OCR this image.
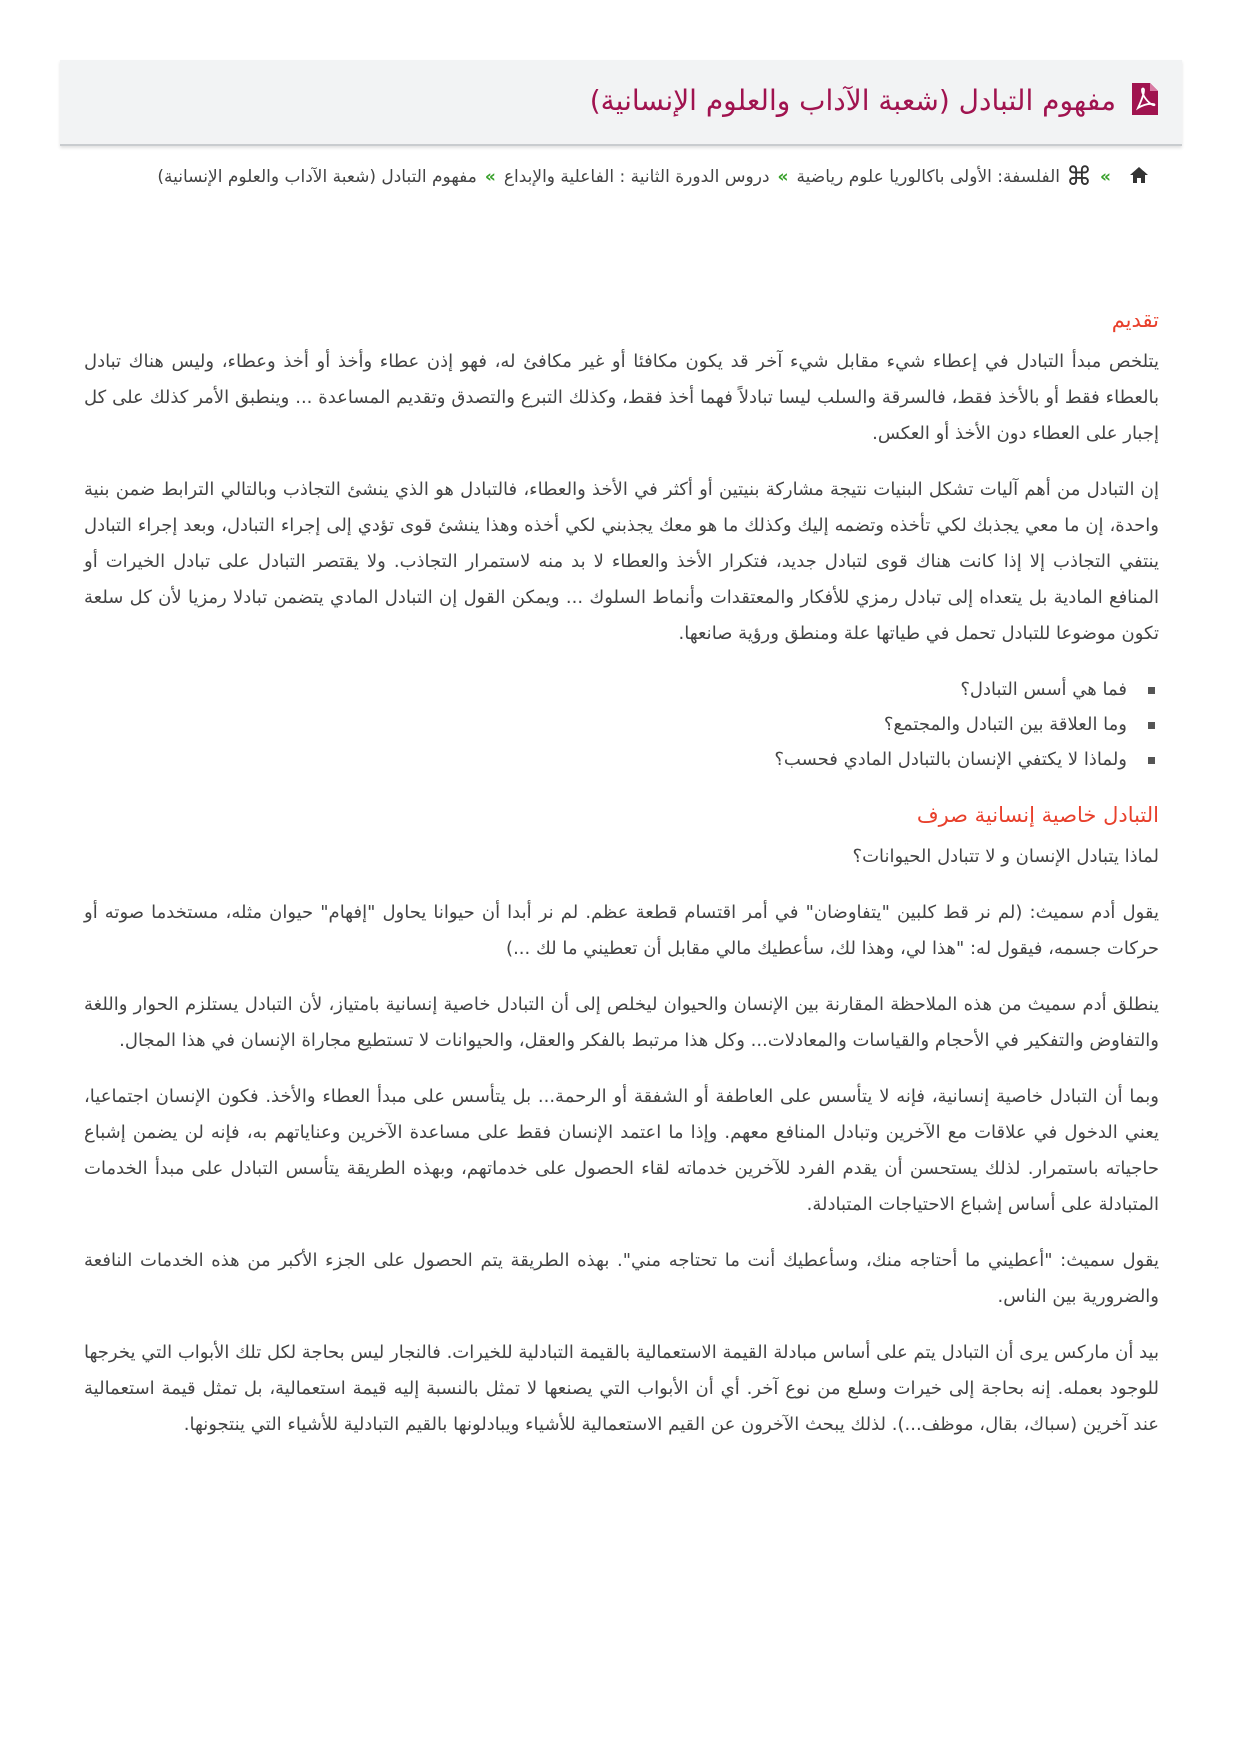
مفهوم التبادل (شعبة الآداب والعلوم الإنسانية)
»⌘الفلسفة: الأولى باكالوريا علوم رياضية»دروس الدورة الثانية : الفاعلية والإبداع»مفهوم التبادل (شعبة الآداب والعلوم الإنسانية)
تقديم

يتلخص مبدأ التبادل في إعطاء شيء مقابل شيء آخر قد يكون مكافئا أو غير مكافئ له، فهو إذن عطاء وأخذ أو أخذ وعطاء، وليس هناك تبادل بالعطاء فقط أو بالأخذ فقط، فالسرقة والسلب ليسا تبادلاً فهما أخذ فقط، وكذلك التبرع والتصدق وتقديم المساعدة ... وينطبق الأمر كذلك على كل إجبار على العطاء دون الأخذ أو العكس.

إن التبادل من أهم آليات تشكل البنيات نتيجة مشاركة بنيتين أو أكثر في الأخذ والعطاء، فالتبادل هو الذي ينشئ التجاذب وبالتالي الترابط ضمن بنية واحدة، إن ما معي يجذبك لكي تأخذه وتضمه إليك وكذلك ما هو معك يجذبني لكي أخذه وهذا ينشئ قوى تؤدي إلى إجراء التبادل، وبعد إجراء التبادل ينتفي التجاذب إلا إذا كانت هناك قوى لتبادل جديد، فتكرار الأخذ والعطاء لا بد منه لاستمرار التجاذب. ولا يقتصر التبادل على تبادل الخيرات أو المنافع المادية بل يتعداه إلى تبادل رمزي للأفكار والمعتقدات وأنماط السلوك ... ويمكن القول إن التبادل المادي يتضمن تبادلا رمزيا لأن كل سلعة تكون موضوعا للتبادل تحمل في طياتها علة ومنطق ورؤية صانعها.

فما هي أسس التبادل؟
وما العلاقة بين التبادل والمجتمع؟
ولماذا لا يكتفي الإنسان بالتبادل المادي فحسب؟
التبادل خاصية إنسانية صرف

لماذا يتبادل الإنسان و لا تتبادل الحيوانات؟

يقول أدم سميث: (لم نر قط كلبين "يتفاوضان" في أمر اقتسام قطعة عظم. لم نر أبدا أن حيوانا يحاول "إفهام" حيوان مثله، مستخدما صوته أو حركات جسمه، فيقول له: "هذا لي، وهذا لك، سأعطيك مالي مقابل أن تعطيني ما لك ...)

ينطلق أدم سميث من هذه الملاحظة المقارنة بين الإنسان والحيوان ليخلص إلى أن التبادل خاصية إنسانية بامتياز، لأن التبادل يستلزم الحوار واللغة والتفاوض والتفكير في الأحجام والقياسات والمعادلات... وكل هذا مرتبط بالفكر والعقل، والحيوانات لا تستطيع مجاراة الإنسان في هذا المجال.

وبما أن التبادل خاصية إنسانية، فإنه لا يتأسس على العاطفة أو الشفقة أو الرحمة... بل يتأسس على مبدأ العطاء والأخذ. فكون الإنسان اجتماعيا، يعني الدخول في علاقات مع الآخرين وتبادل المنافع معهم. وإذا ما اعتمد الإنسان فقط على مساعدة الآخرين وعناياتهم به، فإنه لن يضمن إشباع حاجياته باستمرار. لذلك يستحسن أن يقدم الفرد للآخرين خدماته لقاء الحصول على خدماتهم، وبهذه الطريقة يتأسس التبادل على مبدأ الخدمات المتبادلة على أساس إشباع الاحتياجات المتبادلة.

يقول سميث: "أعطيني ما أحتاجه منك، وسأعطيك أنت ما تحتاجه مني". بهذه الطريقة يتم الحصول على الجزء الأكبر من هذه الخدمات النافعة والضرورية بين الناس.

بيد أن ماركس يرى أن التبادل يتم على أساس مبادلة القيمة الاستعمالية بالقيمة التبادلية للخيرات. فالنجار ليس بحاجة لكل تلك الأبواب التي يخرجها للوجود بعمله. إنه بحاجة إلى خيرات وسلع من نوع آخر. أي أن الأبواب التي يصنعها لا تمثل بالنسبة إليه قيمة استعمالية، بل تمثل قيمة استعمالية عند آخرين (سباك، بقال، موظف...). لذلك يبحث الآخرون عن القيم الاستعمالية للأشياء ويبادلونها بالقيم التبادلية للأشياء التي ينتجونها.
